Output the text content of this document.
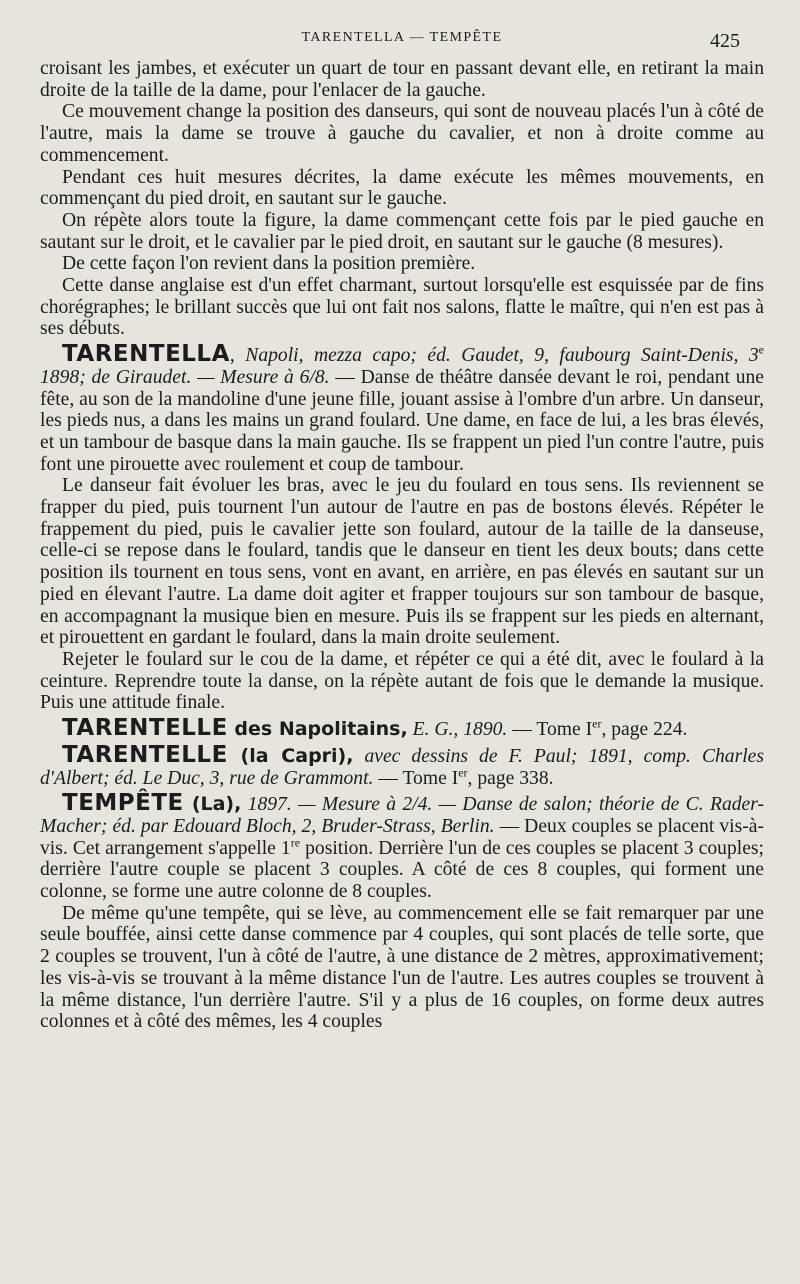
TARENTELLA — TEMPÊTE	425

croisant les jambes, et exécuter un quart de tour en passant devant elle, en retirant la main droite de la taille de la dame, pour l'enlacer de la gauche.

Ce mouvement change la position des danseurs, qui sont de nouveau placés l'un à côté de l'autre, mais la dame se trouve à gauche du cavalier, et non à droite comme au commencement.

Pendant ces huit mesures décrites, la dame exécute les mêmes mouvements, en commençant du pied droit, en sautant sur le gauche.

On répète alors toute la figure, la dame commençant cette fois par le pied gauche en sautant sur le droit, et le cavalier par le pied droit, en sautant sur le gauche (8 mesures).

De cette façon l'on revient dans la position première.

Cette danse anglaise est d'un effet charmant, surtout lorsqu'elle est esquissée par de fins chorégraphes; le brillant succès que lui ont fait nos salons, flatte le maître, qui n'en est pas à ses débuts.

TARENTELLA, Napoli, mezza capo; éd. Gaudet, 9, faubourg Saint-Denis, 3e 1898; de Giraudet. — Mesure à 6/8. — Danse de théâtre dansée devant le roi, pendant une fête, au son de la mandoline d'une jeune fille, jouant assise à l'ombre d'un arbre. Un danseur, les pieds nus, a dans les mains un grand foulard. Une dame, en face de lui, a les bras élevés, et un tambour de basque dans la main gauche. Ils se frappent un pied l'un contre l'autre, puis font une pirouette avec roulement et coup de tambour.

Le danseur fait évoluer les bras, avec le jeu du foulard en tous sens. Ils reviennent se frapper du pied, puis tournent l'un autour de l'autre en pas de bostons élevés. Répéter le frappement du pied, puis le cavalier jette son foulard, autour de la taille de la danseuse, celle-ci se repose dans le foulard, tandis que le danseur en tient les deux bouts; dans cette position ils tournent en tous sens, vont en avant, en arrière, en pas élevés en sautant sur un pied en élevant l'autre. La dame doit agiter et frapper toujours sur son tambour de basque, en accompagnant la musique bien en mesure. Puis ils se frappent sur les pieds en alternant, et pirouettent en gardant le foulard, dans la main droite seulement.

Rejeter le foulard sur le cou de la dame, et répéter ce qui a été dit, avec le foulard à la ceinture. Reprendre toute la danse, on la répète autant de fois que le demande la musique. Puis une attitude finale.

TARENTELLE des Napolitains, E. G., 1890. — Tome Ier, page 224.

TARENTELLE (la Capri), avec dessins de F. Paul; 1891, comp. Charles d'Albert; éd. Le Duc, 3, rue de Grammont. — Tome Ier, page 338.

TEMPÊTE (La), 1897. — Mesure à 2/4. — Danse de salon; théorie de C. Rader-Macher; éd. par Edouard Bloch, 2, Bruder-Strass, Berlin. — Deux couples se placent vis-à-vis. Cet arrangement s'appelle 1re position. Derrière l'un de ces couples se placent 3 couples; derrière l'autre couple se placent 3 couples. A côté de ces 8 couples, qui forment une colonne, se forme une autre colonne de 8 couples.

De même qu'une tempête, qui se lève, au commencement elle se fait remarquer par une seule bouffée, ainsi cette danse commence par 4 couples, qui sont placés de telle sorte, que 2 couples se trouvent, l'un à côté de l'autre, à une distance de 2 mètres, approximativement; les vis-à-vis se trouvant à la même distance l'un de l'autre. Les autres couples se trouvent à la même distance, l'un derrière l'autre. S'il y a plus de 16 couples, on forme deux autres colonnes et à côté des mêmes, les 4 couples
